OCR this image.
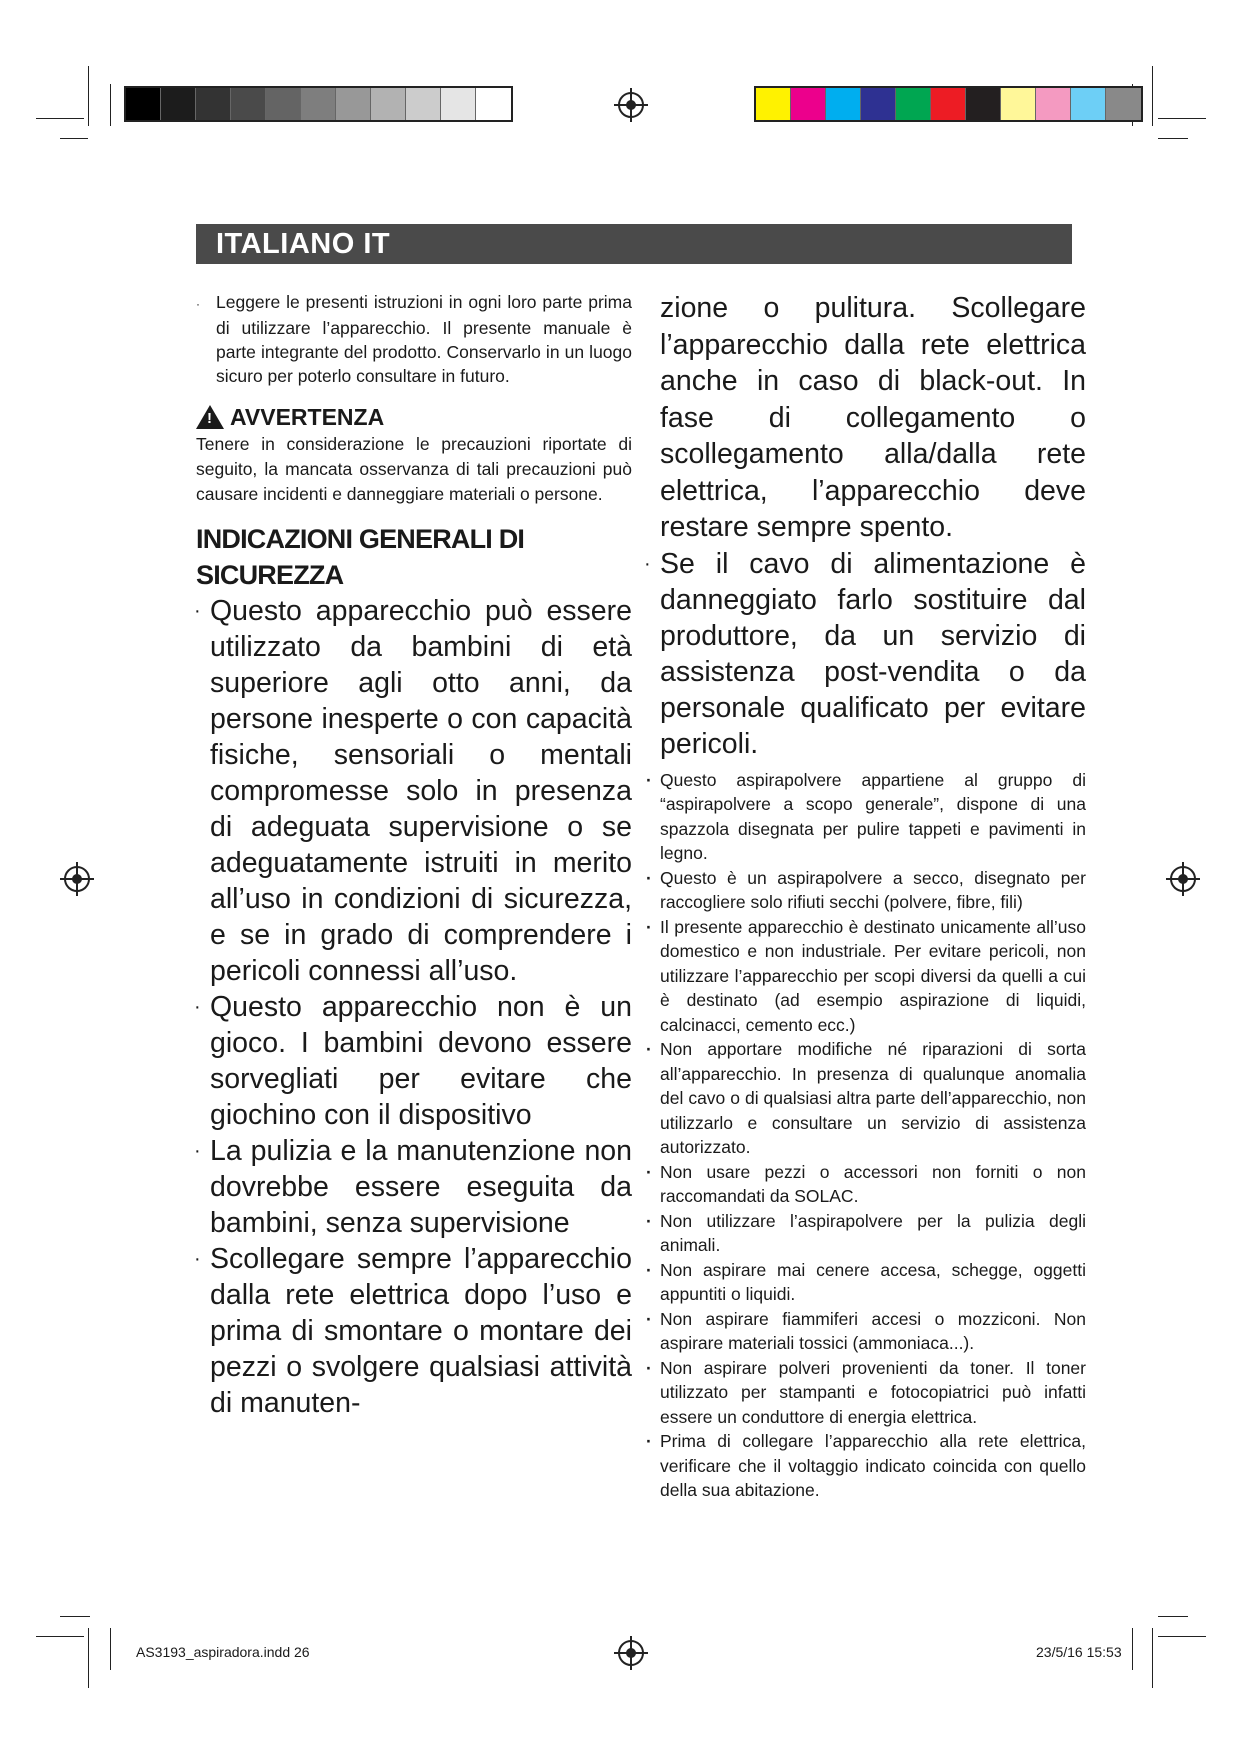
ITALIANO IT

· Leggere le presenti istruzioni in ogni loro parte prima di utilizzare l’apparecchio. Il presente manuale è parte integrante del prodotto. Conservarlo in un luogo sicuro per poterlo consultare in futuro.

!
AVVERTENZA

Tenere in considerazione le precauzioni riportate di seguito, la mancata osservanza di tali precauzioni può causare incidenti e danneggiare materiali o persone.

INDICAZIONI GENERALI DI SICUREZZA
· Questo apparecchio può essere utilizzato da bambini di età superiore agli otto anni, da persone inesperte o con capacità fisiche, sensoriali o mentali compromesse solo in presenza di adeguata supervisione o se adeguatamente istruiti in merito all’uso in condizioni di sicurezza, e se in grado di comprendere i pericoli connessi all’uso.
· Questo apparecchio non è un gioco. I bambini devono essere sorvegliati per evitare che giochino con il dispositivo
· La pulizia e la manutenzione non dovrebbe essere eseguita da bambini, senza supervisione
· Scollegare sempre l’apparecchio dalla rete elettrica dopo l’uso e prima di smontare o montare dei pezzi o svolgere qualsiasi attività di manuten-

zione o pulitura. Scollegare l’apparecchio dalla rete elettrica anche in caso di black-out. In fase di collegamento o scollegamento alla/dalla rete elettrica, l’apparecchio deve restare sempre spento.

· Se il cavo di alimentazione è danneggiato farlo sostituire dal produttore, da un servizio di assistenza post-vendita o da personale qualificato per evitare pericoli.
· Questo aspirapolvere appartiene al gruppo di “aspirapolvere a scopo generale”, dispone di una spazzola disegnata per pulire tappeti e pavimenti in legno.
· Questo è un aspirapolvere a secco, disegnato per raccogliere solo rifiuti secchi (polvere, fibre, fili)
· Il presente apparecchio è destinato unicamente all’uso domestico e non industriale. Per evitare pericoli, non utilizzare l’apparecchio per scopi diversi da quelli a cui è destinato (ad esempio aspirazione di liquidi, calcinacci, cemento ecc.)
· Non apportare modifiche né riparazioni di sorta all’apparecchio. In presenza di qualunque anomalia del cavo o di qualsiasi altra parte dell’apparecchio, non utilizzarlo e consultare un servizio di assistenza autorizzato.
· Non usare pezzi o accessori non forniti o non raccomandati da SOLAC.
· Non utilizzare l’aspirapolvere per la pulizia degli animali.
· Non aspirare mai cenere accesa, schegge, oggetti appuntiti o liquidi.
· Non aspirare fiammiferi accesi o mozziconi. Non aspirare materiali tossici (ammoniaca...).
· Non aspirare polveri provenienti da toner. Il toner utilizzato per stampanti e fotocopiatrici può infatti essere un conduttore di energia elettrica.
· Prima di collegare l’apparecchio alla rete elettrica, verificare che il voltaggio indicato coincida con quello della sua abitazione.
AS3193_aspiradora.indd 26	23/5/16 15:53
